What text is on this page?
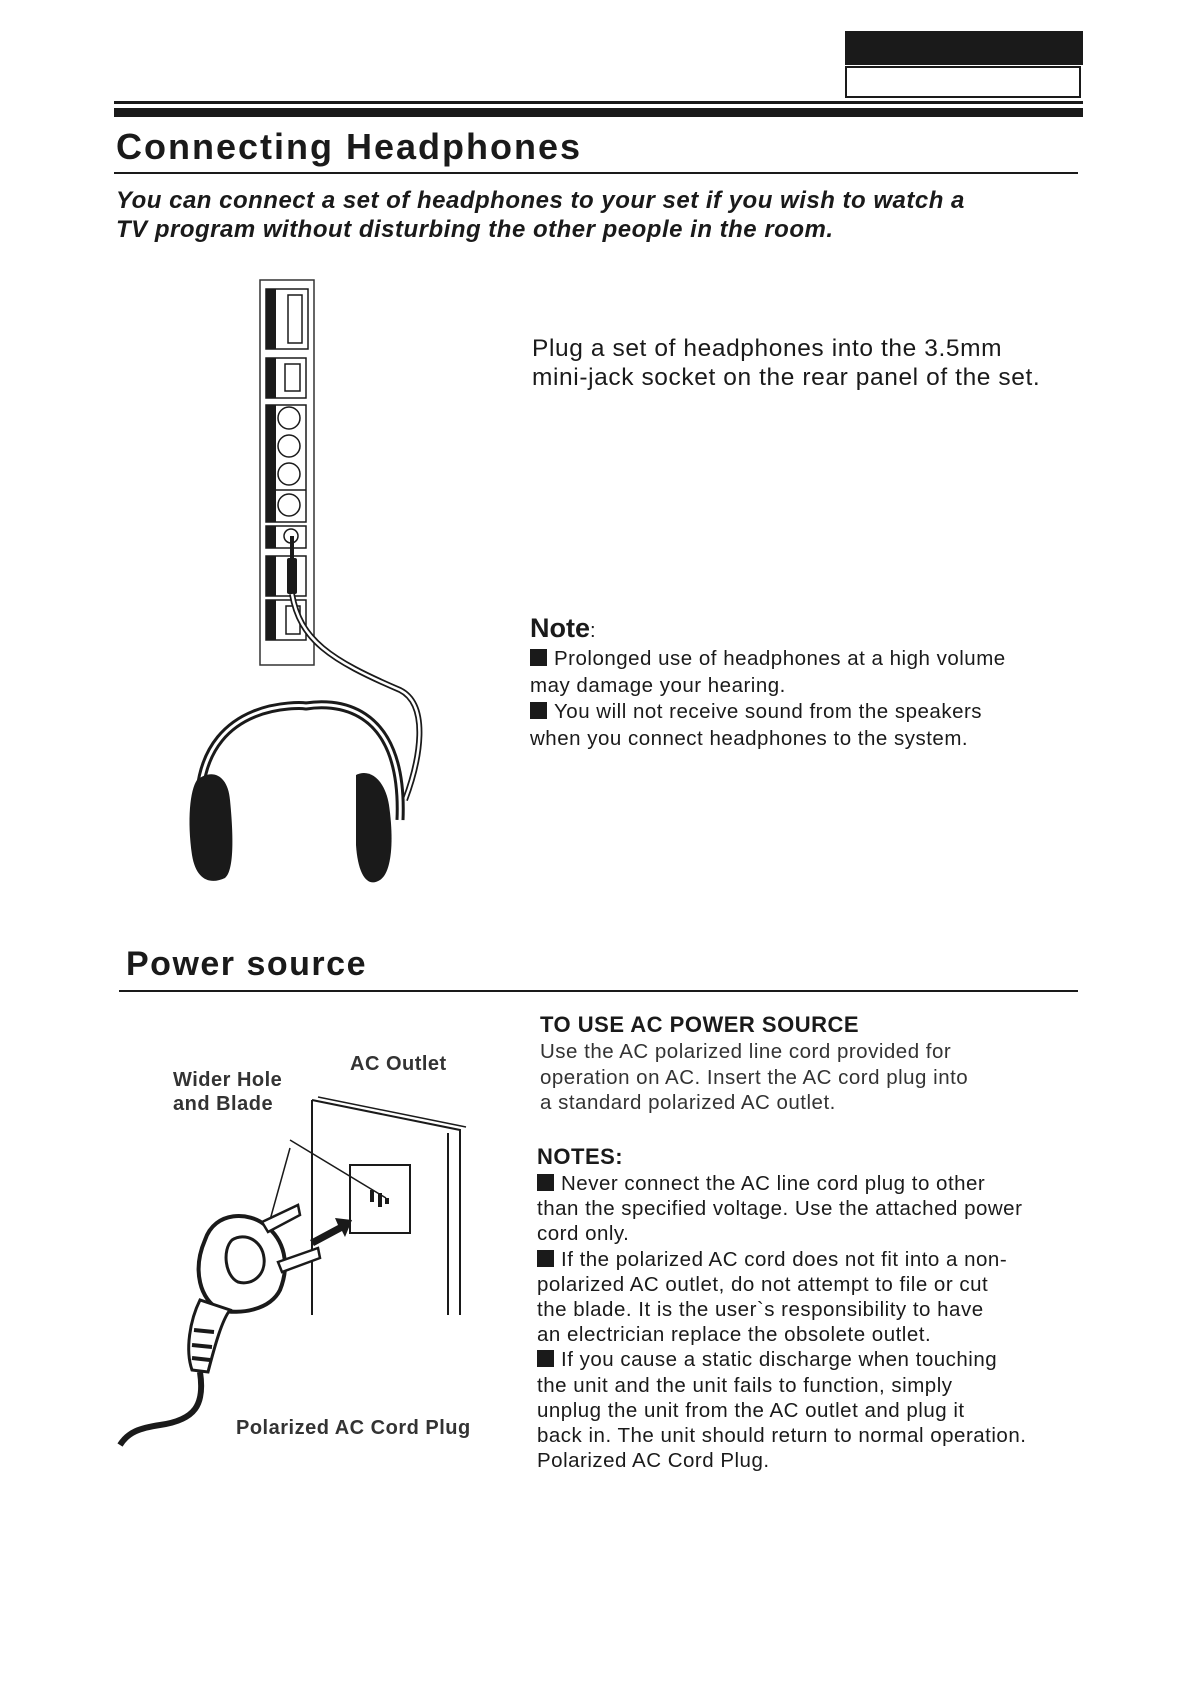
Connecting Headphones
You can connect a set of headphones to your set if you wish to watch a
TV program without disturbing the other people in the room.
Plug a set of headphones into the 3.5mm
mini-jack socket on the rear panel of the set.
Note:
Prolonged use of headphones at a high volume
may damage your hearing.
You will not receive sound from the speakers
when you connect headphones to the system.
Power source
TO USE AC POWER SOURCE
Use the AC polarized line cord provided for
operation on AC. Insert the AC cord plug into
a standard polarized AC outlet.
NOTES:
Never connect the AC line cord plug to other
than the specified voltage. Use the attached power
cord only.
If the polarized AC cord does not fit into a non-
polarized AC outlet, do not attempt to file or cut
the blade. It is the user`s responsibility to have
an electrician replace the obsolete outlet.
If you cause a static discharge when touching
the unit and the unit fails to function, simply
unplug the unit from the AC outlet and plug it
back in. The unit should return to normal operation.
Polarized AC Cord Plug.
Wider Hole
and Blade
AC Outlet
Polarized AC Cord Plug
